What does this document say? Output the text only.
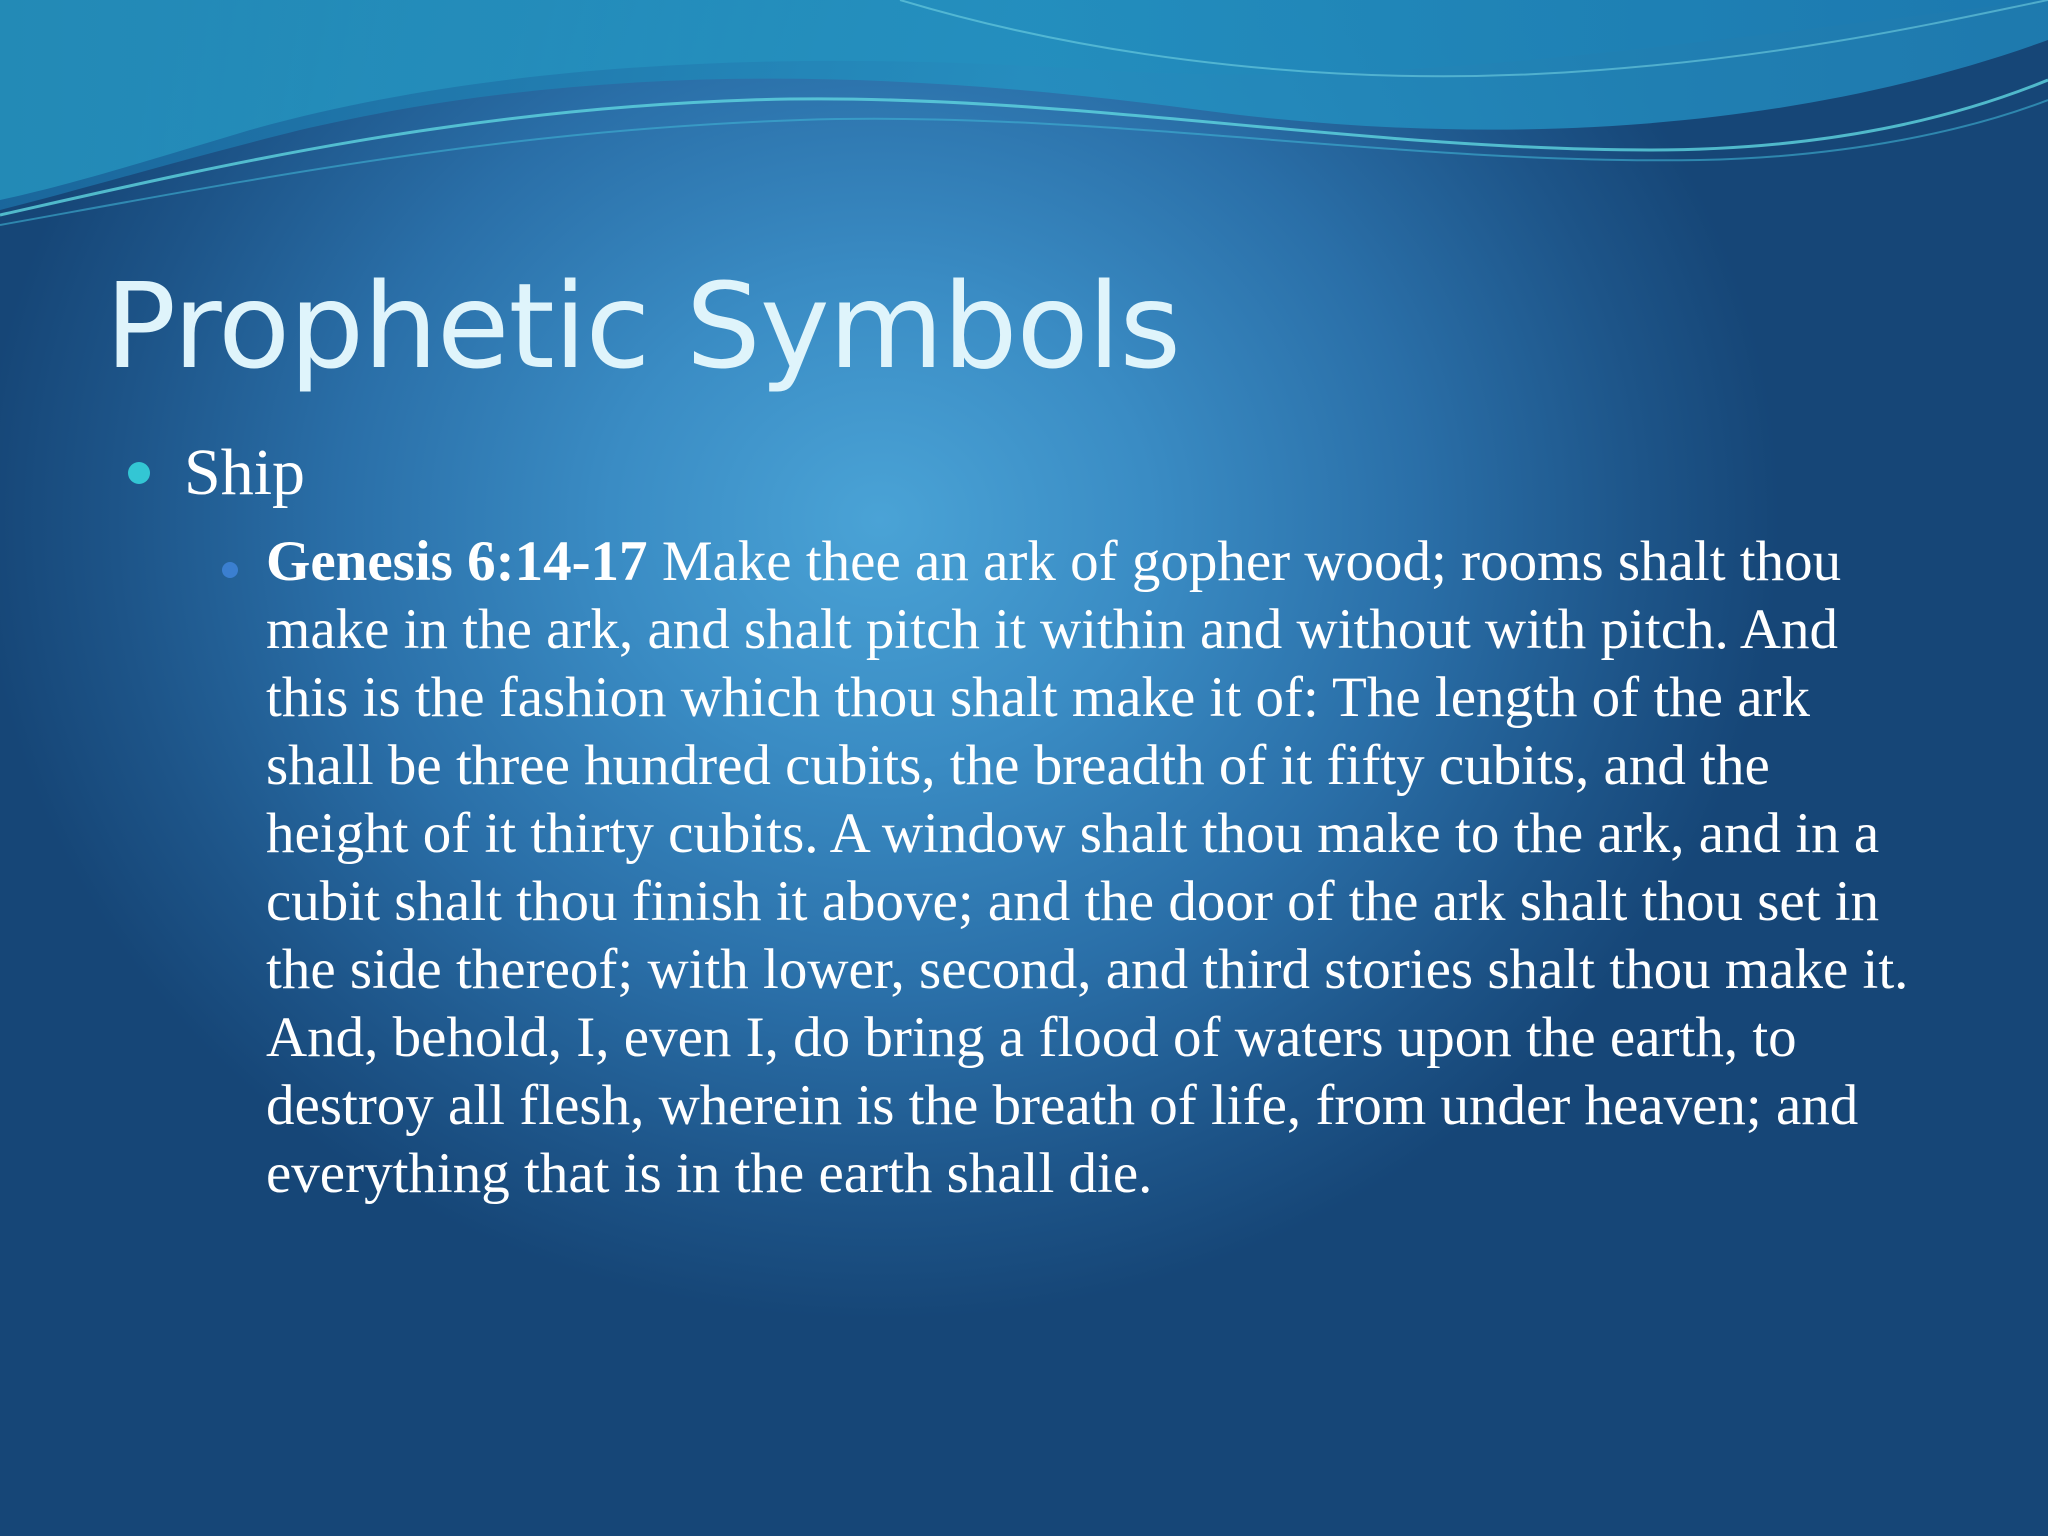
Prophetic Symbols
Ship

Genesis 6:14-17 Make thee an ark of gopher wood; rooms shalt thou make in the ark, and shalt pitch it within and without with pitch. And this is the fashion which thou shalt make it of: The length of the ark shall be three hundred cubits, the breadth of it fifty cubits, and the height of it thirty cubits. A window shalt thou make to the ark, and in a cubit shalt thou finish it above; and the door of the ark shalt thou set in the side thereof; with lower, second, and third stories shalt thou make it. And, behold, I, even I, do bring a flood of waters upon the earth, to destroy all flesh, wherein is the breath of life, from under heaven; and everything that is in the earth shall die.
